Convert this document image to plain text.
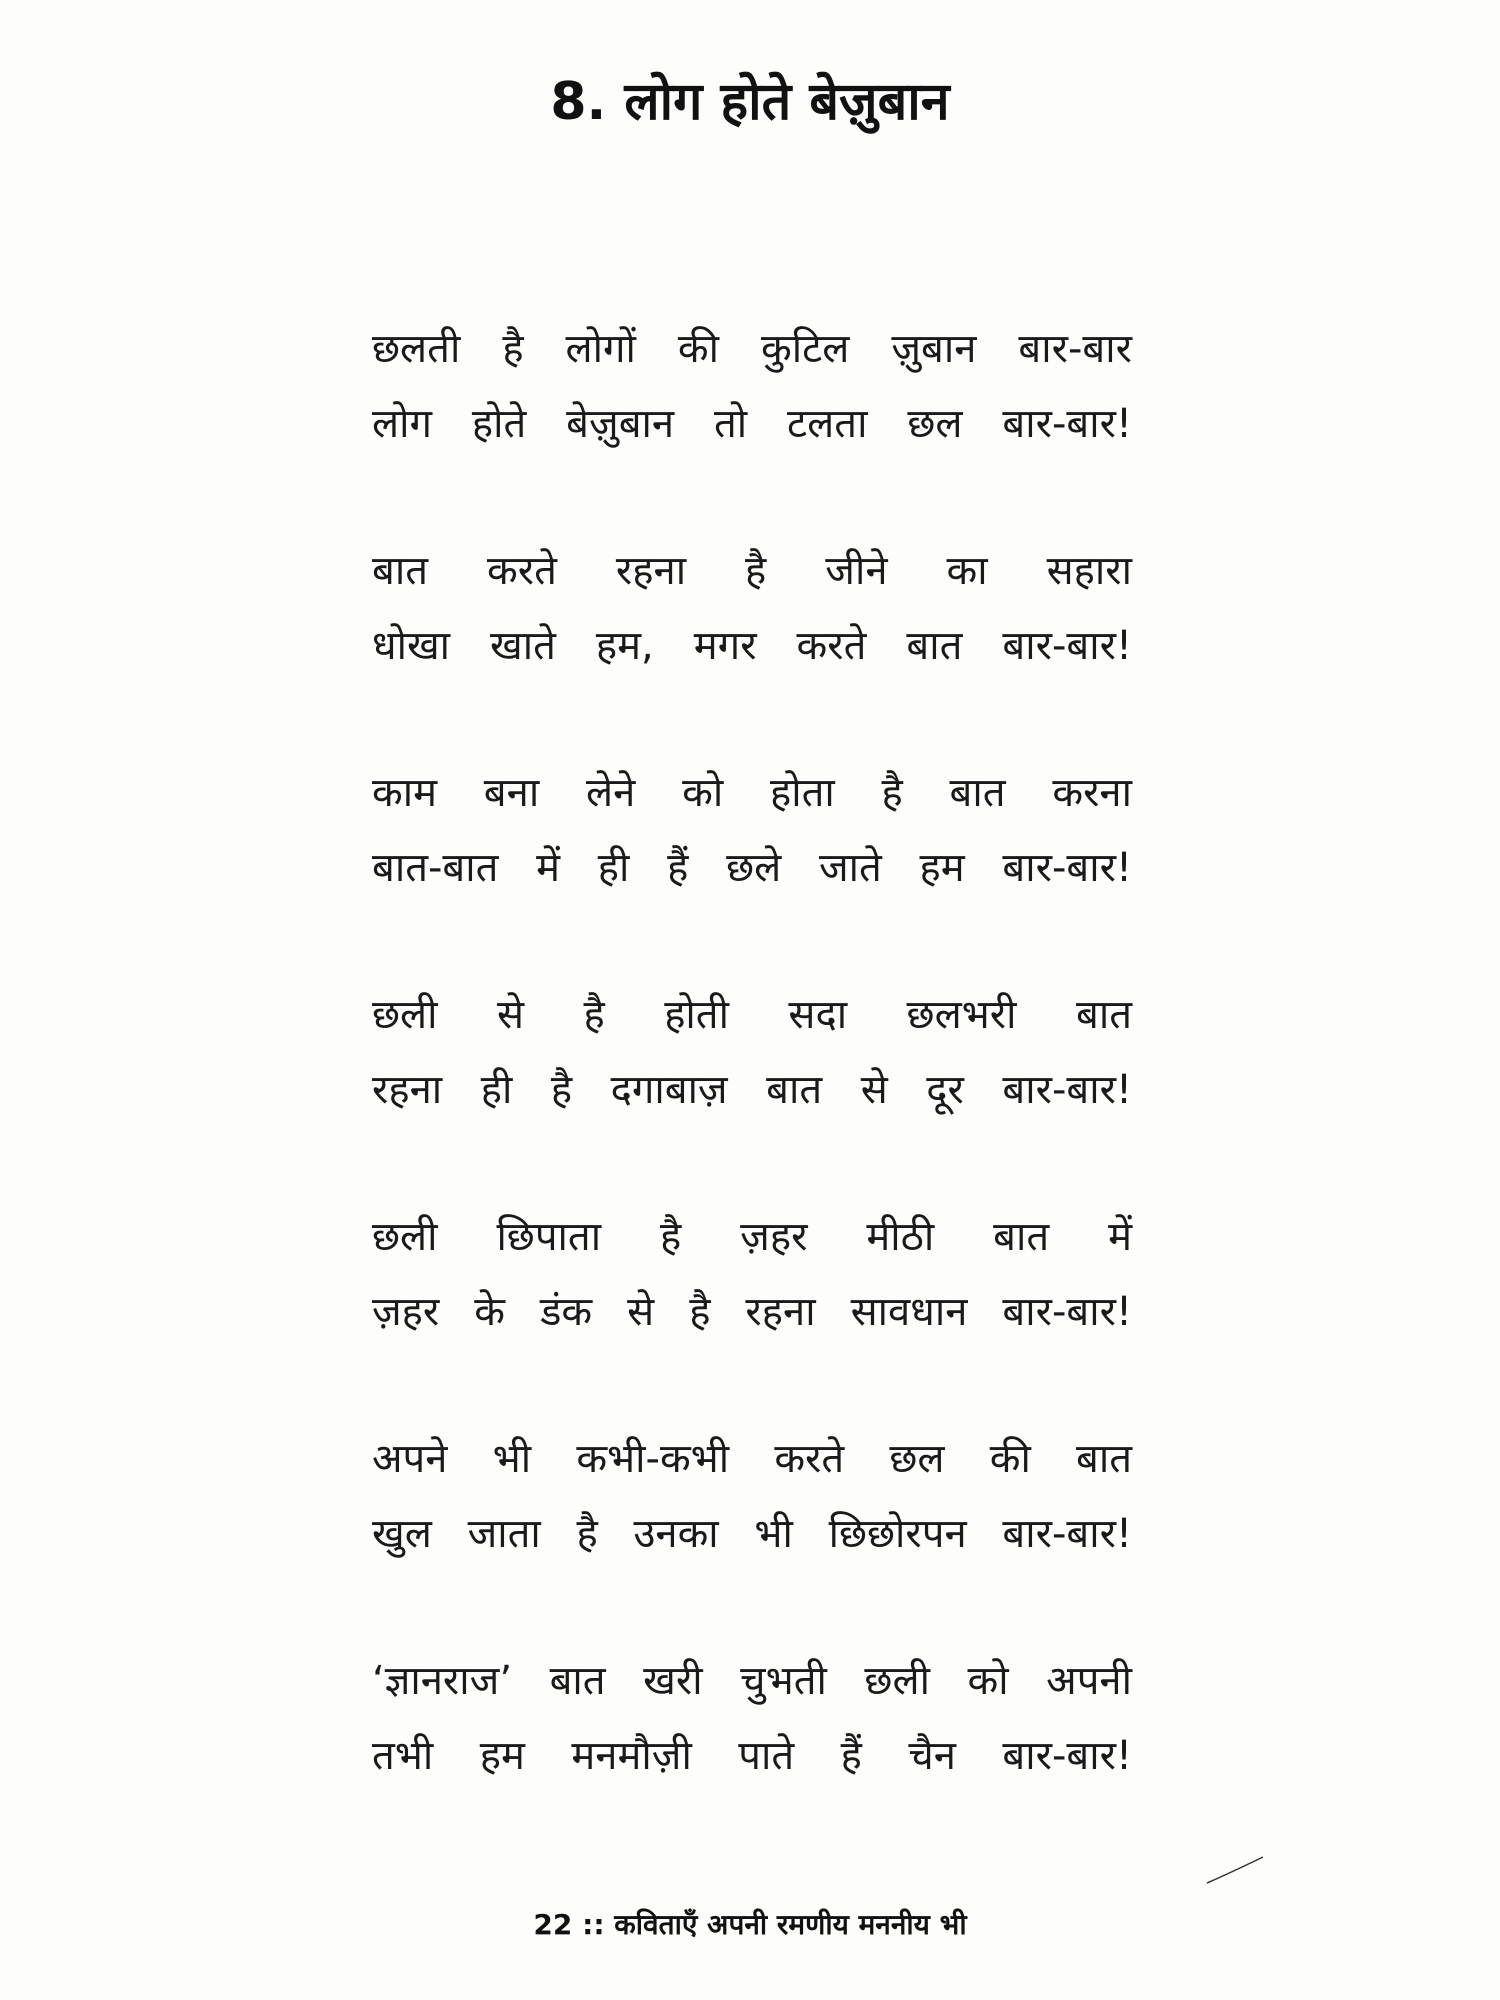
8. लोग होते बेज़ुबान
छलती है लोगों की कुटिल ज़ुबान बार-बार
लोग होते बेज़ुबान तो टलता छल बार-बार!
बात करते रहना है जीने का सहारा
धोखा खाते हम, मगर करते बात बार-बार!
काम बना लेने को होता है बात करना
बात-बात में ही हैं छले जाते हम बार-बार!
छली से है होती सदा छलभरी बात
रहना ही है दगाबाज़ बात से दूर बार-बार!
छली छिपाता है ज़हर मीठी बात में
ज़हर के डंक से है रहना सावधान बार-बार!
अपने भी कभी-कभी करते छल की बात
खुल जाता है उनका भी छिछोरपन बार-बार!
‘ज्ञानराज’ बात खरी चुभती छली को अपनी
तभी हम मनमौज़ी पाते हैं चैन बार-बार!
22 :: कविताएँ अपनी रमणीय मननीय भी
